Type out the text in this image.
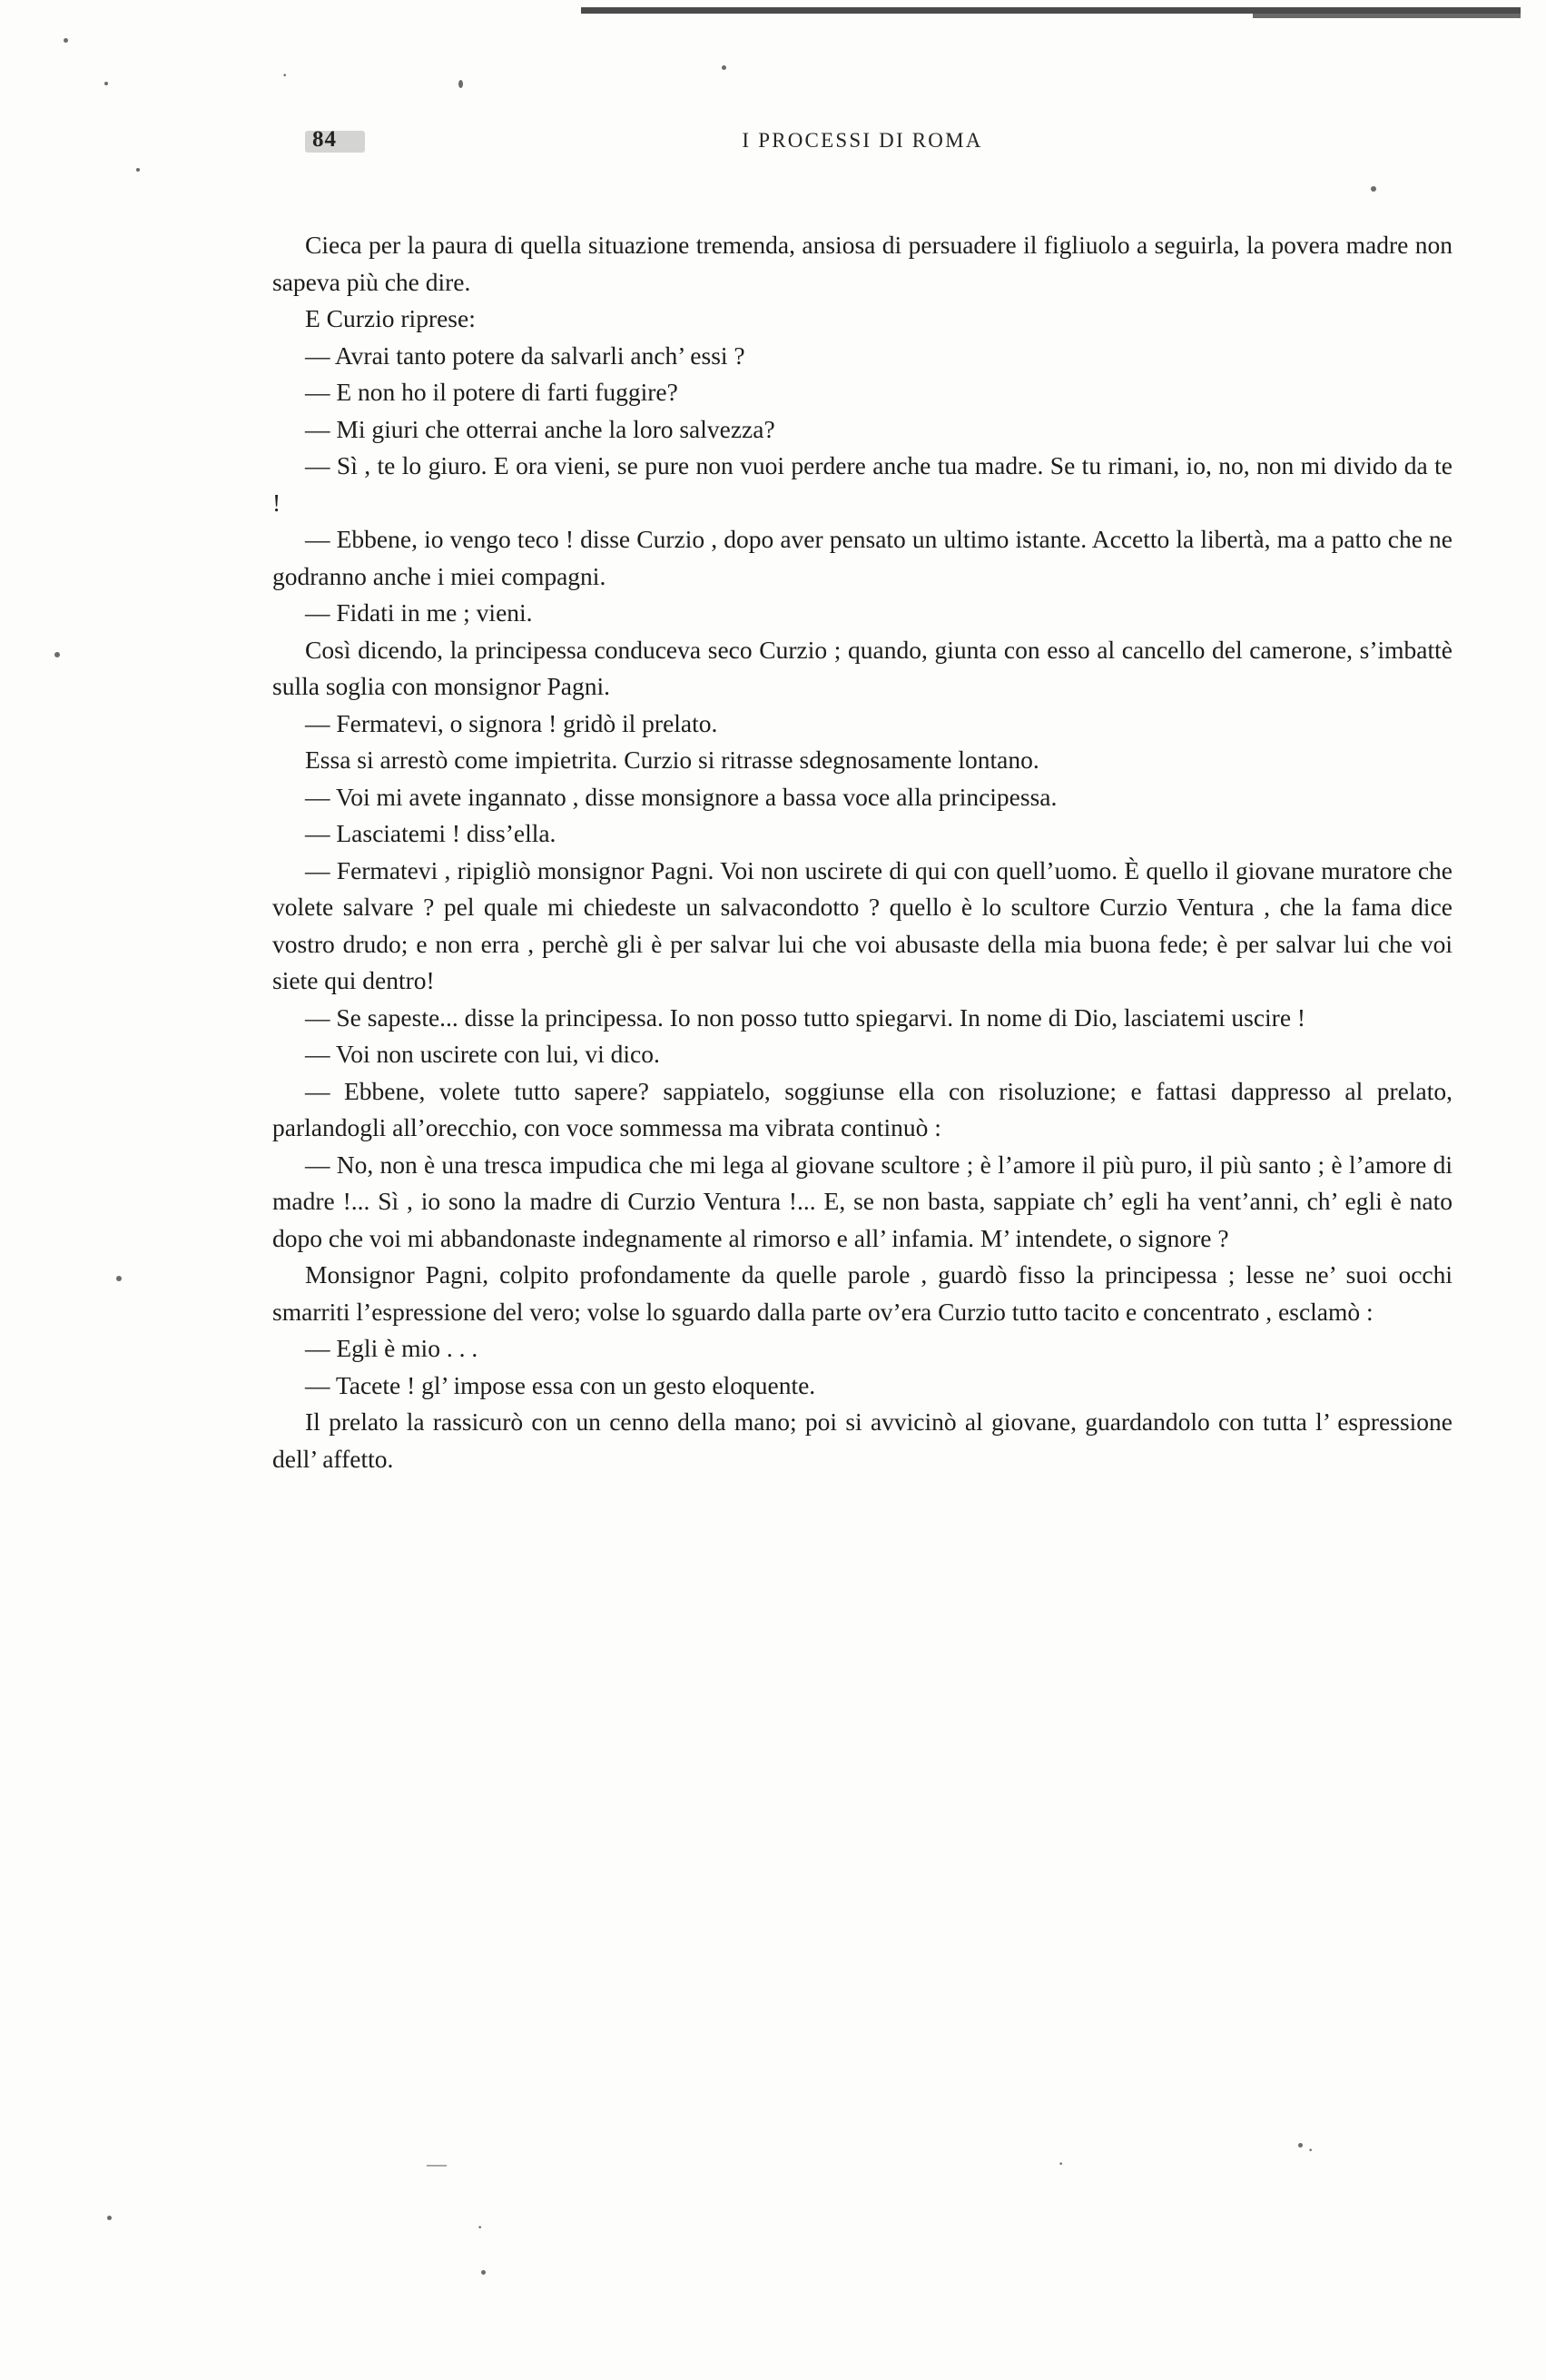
84	I PROCESSI DI ROMA

Cieca per la paura di quella situazione tremenda, ansiosa di persuadere il figliuolo a seguirla, la povera madre non sapeva più che dire.

E Curzio riprese:

— Avrai tanto potere da salvarli anch’ essi ?

— E non ho il potere di farti fuggire?

— Mi giuri che otterrai anche la loro salvezza?

— Sì , te lo giuro. E ora vieni, se pure non vuoi perdere anche tua madre. Se tu rimani, io, no, non mi divido da te !

— Ebbene, io vengo teco ! disse Curzio , dopo aver pensato un ultimo istante. Accetto la libertà, ma a patto che ne godranno anche i miei compagni.

— Fidati in me ; vieni.

Così dicendo, la principessa conduceva seco Curzio ; quando, giunta con esso al cancello del camerone, s’imbattè sulla soglia con monsignor Pagni.

— Fermatevi, o signora ! gridò il prelato.

Essa si arrestò come impietrita. Curzio si ritrasse sdegnosamente lontano.

— Voi mi avete ingannato , disse monsignore a bassa voce alla principessa.

— Lasciatemi ! diss’ella.

— Fermatevi , ripigliò monsignor Pagni. Voi non uscirete di qui con quell’uomo. È quello il giovane muratore che volete salvare ? pel quale mi chiedeste un salvacondotto ? quello è lo scultore Curzio Ventura , che la fama dice vostro drudo; e non erra , perchè gli è per salvar lui che voi abusaste della mia buona fede; è per salvar lui che voi siete qui dentro!

— Se sapeste... disse la principessa. Io non posso tutto spiegarvi. In nome di Dio, lasciatemi uscire !

— Voi non uscirete con lui, vi dico.

— Ebbene, volete tutto sapere? sappiatelo, soggiunse ella con risoluzione; e fattasi dappresso al prelato, parlandogli all’orecchio, con voce sommessa ma vibrata continuò :

— No, non è una tresca impudica che mi lega al giovane scultore ; è l’amore il più puro, il più santo ; è l’amore di madre !... Sì , io sono la madre di Curzio Ventura !... E, se non basta, sappiate ch’ egli ha vent’anni, ch’ egli è nato dopo che voi mi abbandonaste indegnamente al rimorso e all’ infamia. M’ intendete, o signore ?

Monsignor Pagni, colpito profondamente da quelle parole , guardò fisso la principessa ; lesse ne’ suoi occhi smarriti l’espressione del vero; volse lo sguardo dalla parte ov’era Curzio tutto tacito e concentrato , esclamò :

— Egli è mio . . .

— Tacete ! gl’ impose essa con un gesto eloquente.

Il prelato la rassicurò con un cenno della mano; poi si avvicinò al giovane, guardandolo con tutta l’ espressione dell’ affetto.

—
·
·
·
·
